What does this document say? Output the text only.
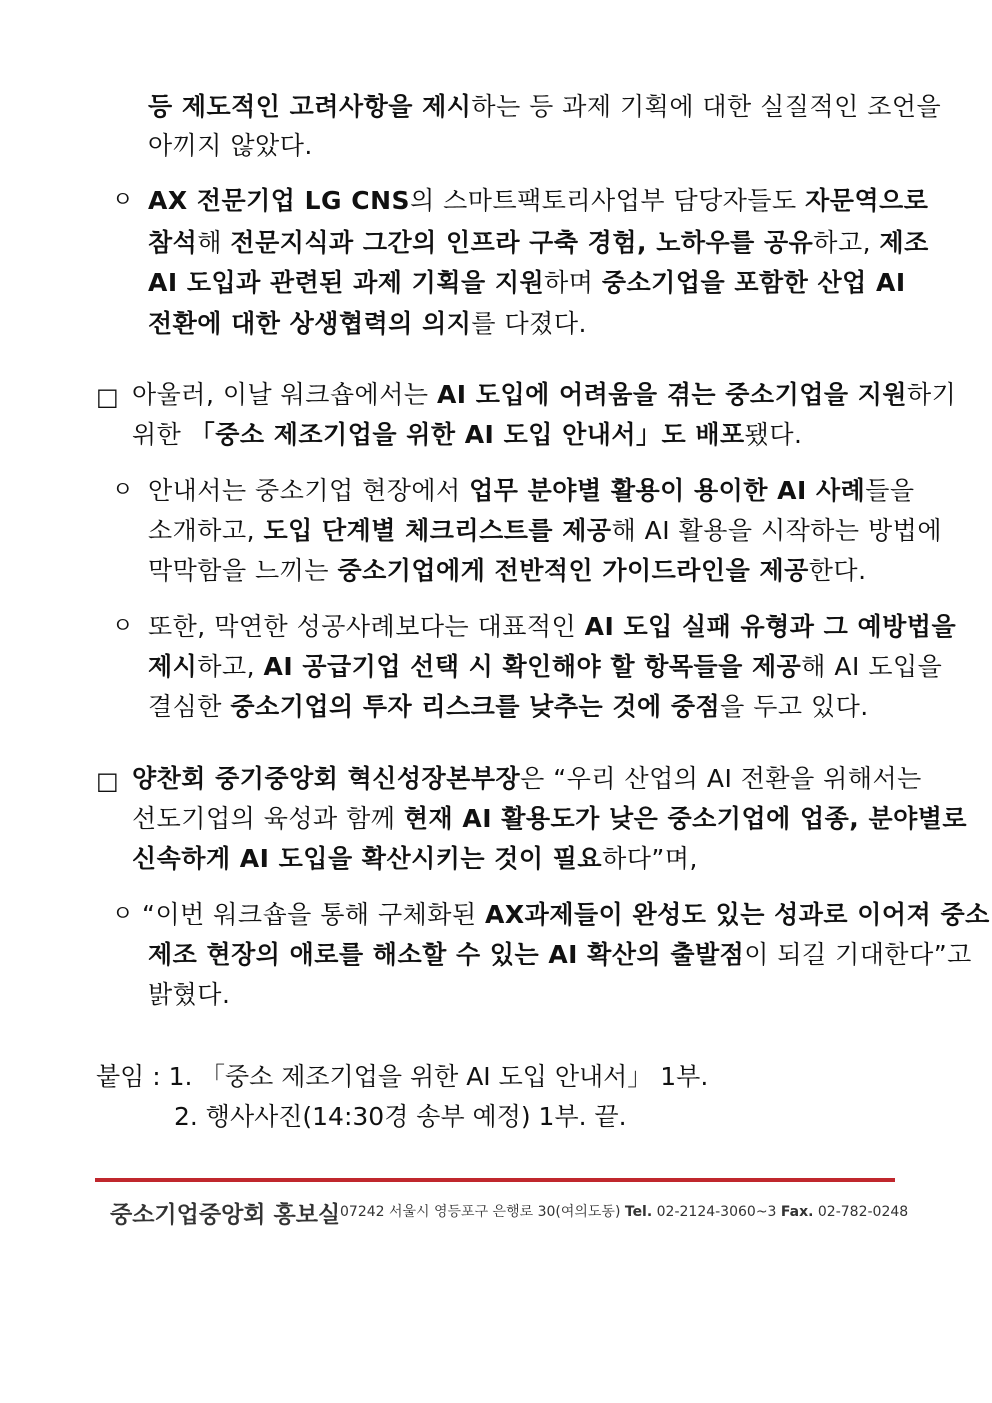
등 제도적인 고려사항을 제시하는 등 과제 기획에 대한 실질적인 조언을
아끼지 않았다.
ㅇ AX 전문기업 LG CNS의 스마트팩토리사업부 담당자들도 자문역으로
참석해 전문지식과 그간의 인프라 구축 경험, 노하우를 공유하고, 제조
AI 도입과 관련된 과제 기획을 지원하며 중소기업을 포함한 산업 AI
전환에 대한 상생협력의 의지를 다졌다.
□ 아울러, 이날 워크숍에서는 AI 도입에 어려움을 겪는 중소기업을 지원하기
위한 「중소 제조기업을 위한 AI 도입 안내서」도 배포됐다.
ㅇ 안내서는 중소기업 현장에서 업무 분야별 활용이 용이한 AI 사례들을
소개하고, 도입 단계별 체크리스트를 제공해 AI 활용을 시작하는 방법에
막막함을 느끼는 중소기업에게 전반적인 가이드라인을 제공한다.
ㅇ 또한, 막연한 성공사례보다는 대표적인 AI 도입 실패 유형과 그 예방법을
제시하고, AI 공급기업 선택 시 확인해야 할 항목들을 제공해 AI 도입을
결심한 중소기업의 투자 리스크를 낮추는 것에 중점을 두고 있다.
□ 양찬회 중기중앙회 혁신성장본부장은 “우리 산업의 AI 전환을 위해서는
선도기업의 육성과 함께 현재 AI 활용도가 낮은 중소기업에 업종, 분야별로
신속하게 AI 도입을 확산시키는 것이 필요하다”며,
ㅇ “이번 워크숍을 통해 구체화된 AX과제들이 완성도 있는 성과로 이어져 중소
제조 현장의 애로를 해소할 수 있는 AI 확산의 출발점이 되길 기대한다”고
밝혔다.
붙임 : 1. 「중소 제조기업을 위한 AI 도입 안내서」 1부.
2. 행사사진(14:30경 송부 예정) 1부. 끝.
중소기업중앙회 홍보실 07242 서울시 영등포구 은행로 30(여의도동) Tel. 02-2124-3060~3 Fax. 02-782-0248
